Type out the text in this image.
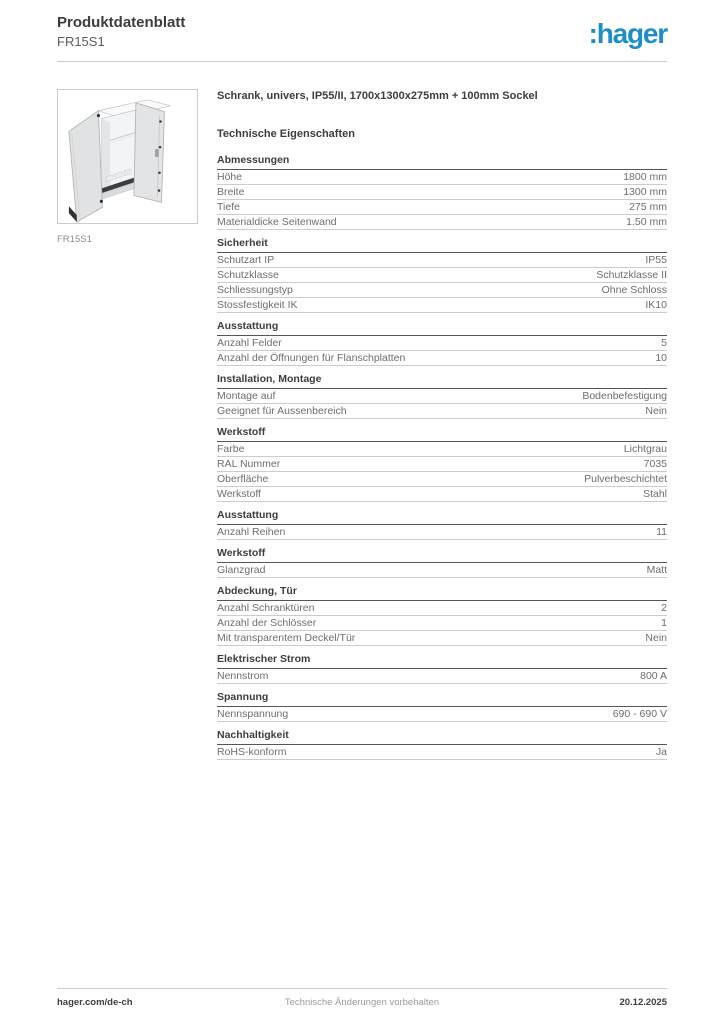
Produktdatenblatt
FR15S1	:hager
FR15S1
Schrank, univers, IP55/II, 1700x1300x275mm + 100mm Sockel
Technische Eigenschaften
Abmessungen
Höhe	1800 mm
Breite	1300 mm
Tiefe	275 mm
Materialdicke Seitenwand	1.50 mm
Sicherheit
Schutzart IP	IP55
Schutzklasse	Schutzklasse II
Schliessungstyp	Ohne Schloss
Stossfestigkeit IK	IK10
Ausstattung
Anzahl Felder	5
Anzahl der Öffnungen für Flanschplatten	10
Installation, Montage
Montage auf	Bodenbefestigung
Geeignet für Aussenbereich	Nein
Werkstoff
Farbe	Lichtgrau
RAL Nummer	7035
Oberfläche	Pulverbeschichtet
Werkstoff	Stahl
Ausstattung
Anzahl Reihen	11
Werkstoff
Glanzgrad	Matt
Abdeckung, Tür
Anzahl Schranktüren	2
Anzahl der Schlösser	1
Mit transparentem Deckel/Tür	Nein
Elektrischer Strom
Nennstrom	800 A
Spannung
Nennspannung	690 - 690 V
Nachhaltigkeit
RoHS-konform	Ja
hager.com/de-ch	Technische Änderungen vorbehalten	20.12.2025
